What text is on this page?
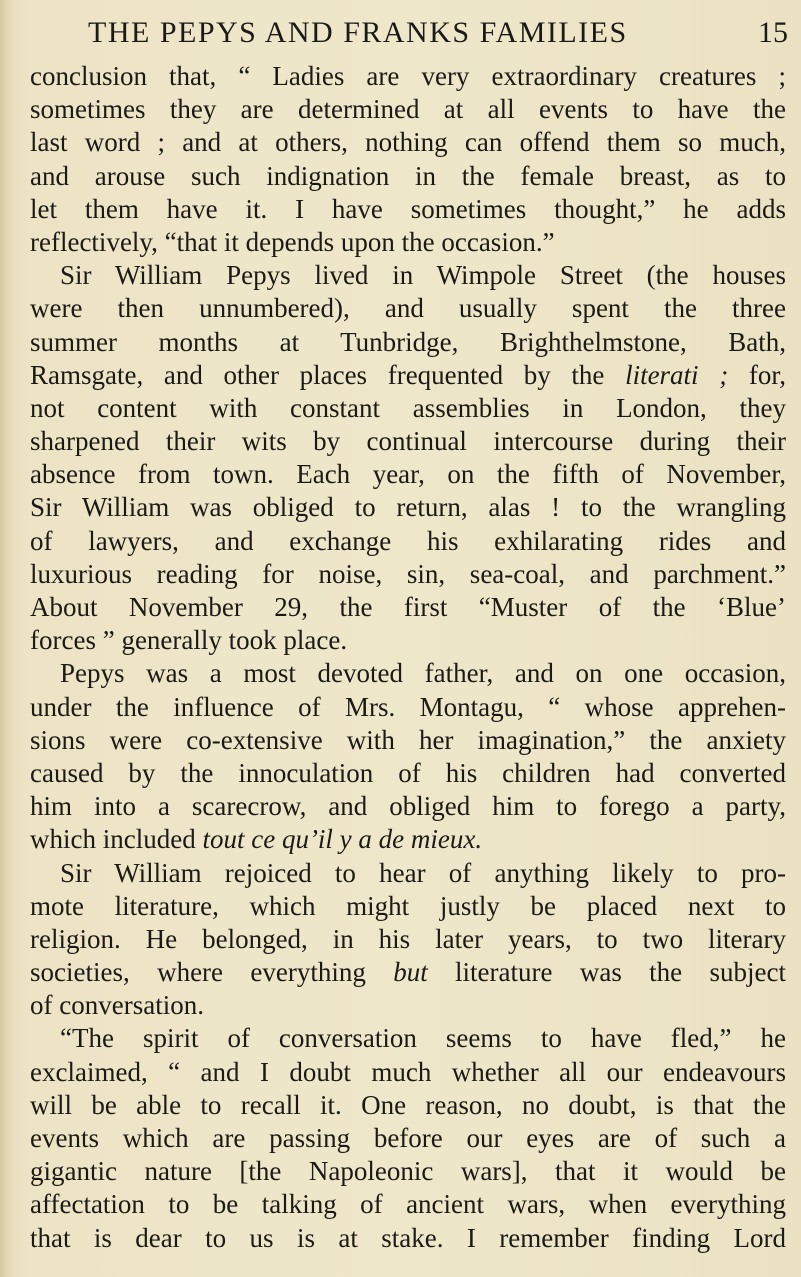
THE PEPYS AND FRANKS FAMILIES	15
conclusion that, “ Ladies are very extraordinary creatures ;
sometimes they are determined at all events to have the
last word ; and at others, nothing can offend them so much,
and arouse such indignation in the female breast, as to
let them have it. I have sometimes thought,” he adds
reflectively, “that it depends upon the occasion.”
Sir William Pepys lived in Wimpole Street (the houses
were then unnumbered), and usually spent the three
summer months at Tunbridge, Brighthelmstone, Bath,
Ramsgate, and other places frequented by the literati ; for,
not content with constant assemblies in London, they
sharpened their wits by continual intercourse during their
absence from town. Each year, on the fifth of November,
Sir William was obliged to return, alas ! to the wrangling
of lawyers, and exchange his exhilarating rides and
luxurious reading for noise, sin, sea-coal, and parchment.”
About November 29, the first “Muster of the ‘Blue’
forces ” generally took place.
Pepys was a most devoted father, and on one occasion,
under the influence of Mrs. Montagu, “ whose apprehen-
sions were co-extensive with her imagination,” the anxiety
caused by the innoculation of his children had converted
him into a scarecrow, and obliged him to forego a party,
which included tout ce qu’il y a de mieux.
Sir William rejoiced to hear of anything likely to pro-
mote literature, which might justly be placed next to
religion. He belonged, in his later years, to two literary
societies, where everything but literature was the subject
of conversation.
“The spirit of conversation seems to have fled,” he
exclaimed, “ and I doubt much whether all our endeavours
will be able to recall it. One reason, no doubt, is that the
events which are passing before our eyes are of such a
gigantic nature [the Napoleonic wars], that it would be
affectation to be talking of ancient wars, when everything
that is dear to us is at stake. I remember finding Lord
